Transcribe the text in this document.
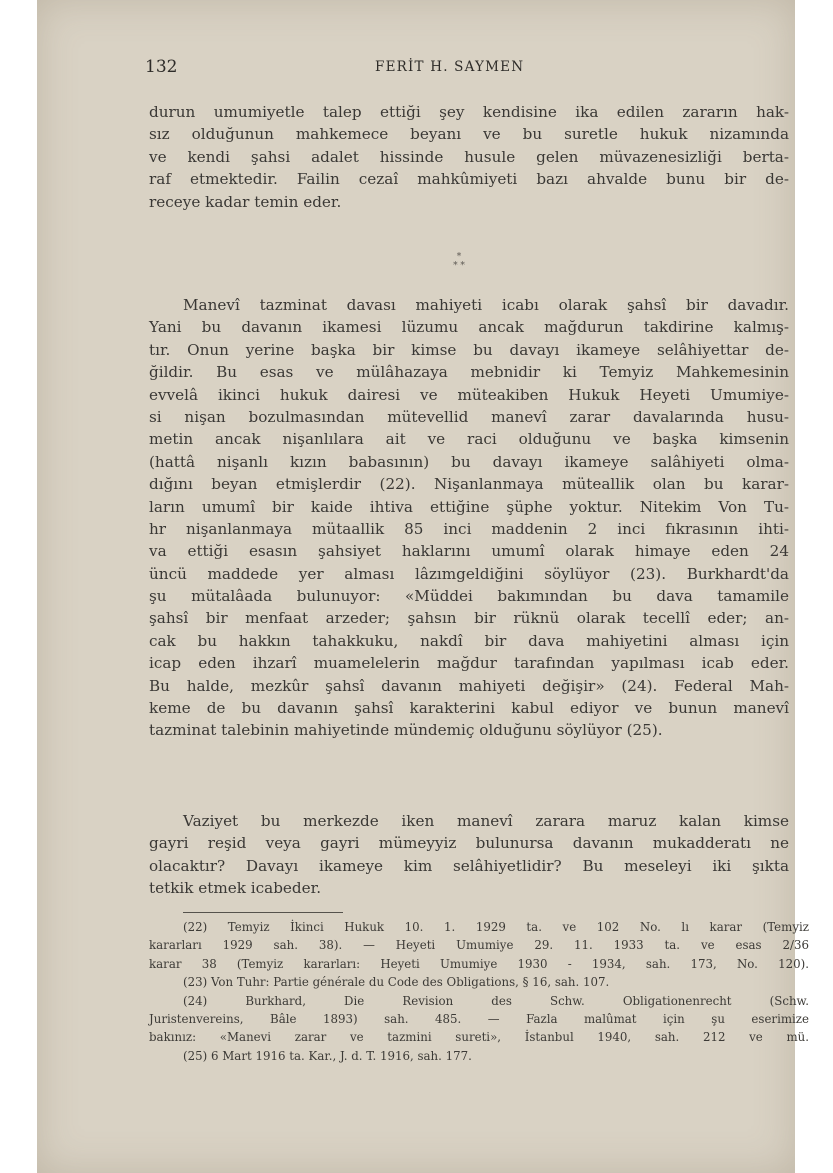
132	FERİT H. SAYMEN
durun umumiyetle talep ettiği şey kendisine ika edilen zararın hak-
sız olduğunun mahkemece beyanı ve bu suretle hukuk nizamında
ve kendi şahsi adalet hissinde husule gelen müvazenesizliği berta-
raf etmektedir. Failin cezaî mahkûmiyeti bazı ahvalde bunu bir de-
receye kadar temin eder.
*
* *
Manevî tazminat davası mahiyeti icabı olarak şahsî bir davadır.
Yani bu davanın ikamesi lüzumu ancak mağdurun takdirine kalmış-
tır. Onun yerine başka bir kimse bu davayı ikameye selâhiyettar de-
ğildir. Bu esas ve mülâhazaya mebnidir ki Temyiz Mahkemesinin
evvelâ ikinci hukuk dairesi ve müteakiben Hukuk Heyeti Umumiye-
si nişan bozulmasından mütevellid manevî zarar davalarında husu-
metin ancak nişanlılara ait ve raci olduğunu ve başka kimsenin
(hattâ nişanlı kızın babasının) bu davayı ikameye salâhiyeti olma-
dığını beyan etmişlerdir (22). Nişanlanmaya müteallik olan bu karar-
ların umumî bir kaide ihtiva ettiğine şüphe yoktur. Nitekim Von Tu-
hr nişanlanmaya mütaallik 85 inci maddenin 2 inci fıkrasının ihti-
va ettiği esasın şahsiyet haklarını umumî olarak himaye eden 24
üncü maddede yer alması lâzımgeldiğini söylüyor (23). Burkhardt'da
şu mütalâada bulunuyor: «Müddei bakımından bu dava tamamile
şahsî bir menfaat arzeder; şahsın bir rüknü olarak tecellî eder; an-
cak bu hakkın tahakkuku, nakdî bir dava mahiyetini alması için
icap eden ihzarî muamelelerin mağdur tarafından yapılması icab eder.
Bu halde, mezkûr şahsî davanın mahiyeti değişir» (24). Federal Mah-
keme de bu davanın şahsî karakterini kabul ediyor ve bunun manevî
tazminat talebinin mahiyetinde mündemiç olduğunu söylüyor (25).
Vaziyet bu merkezde iken manevî zarara maruz kalan kimse
gayri reşid veya gayri mümeyyiz bulunursa davanın mukadderatı ne
olacaktır? Davayı ikameye kim selâhiyetlidir? Bu meseleyi iki şıkta
tetkik etmek icabeder.
(22) Temyiz İkinci Hukuk 10. 1. 1929 ta. ve 102 No. lı karar (Temyiz
kararları 1929 sah. 38). — Heyeti Umumiye 29. 11. 1933 ta. ve esas 2/36
karar 38 (Temyiz kararları: Heyeti Umumiye 1930 - 1934, sah. 173, No. 120).
(23) Von Tuhr: Partie générale du Code des Obligations, § 16, sah. 107.
(24) Burkhard, Die Revision des Schw. Obligationenrecht (Schw.
Juristenvereins, Bâle 1893) sah. 485. — Fazla malûmat için şu eserimize
bakınız: «Manevi zarar ve tazmini sureti», İstanbul 1940, sah. 212 ve mü.
(25) 6 Mart 1916 ta. Kar., J. d. T. 1916, sah. 177.
